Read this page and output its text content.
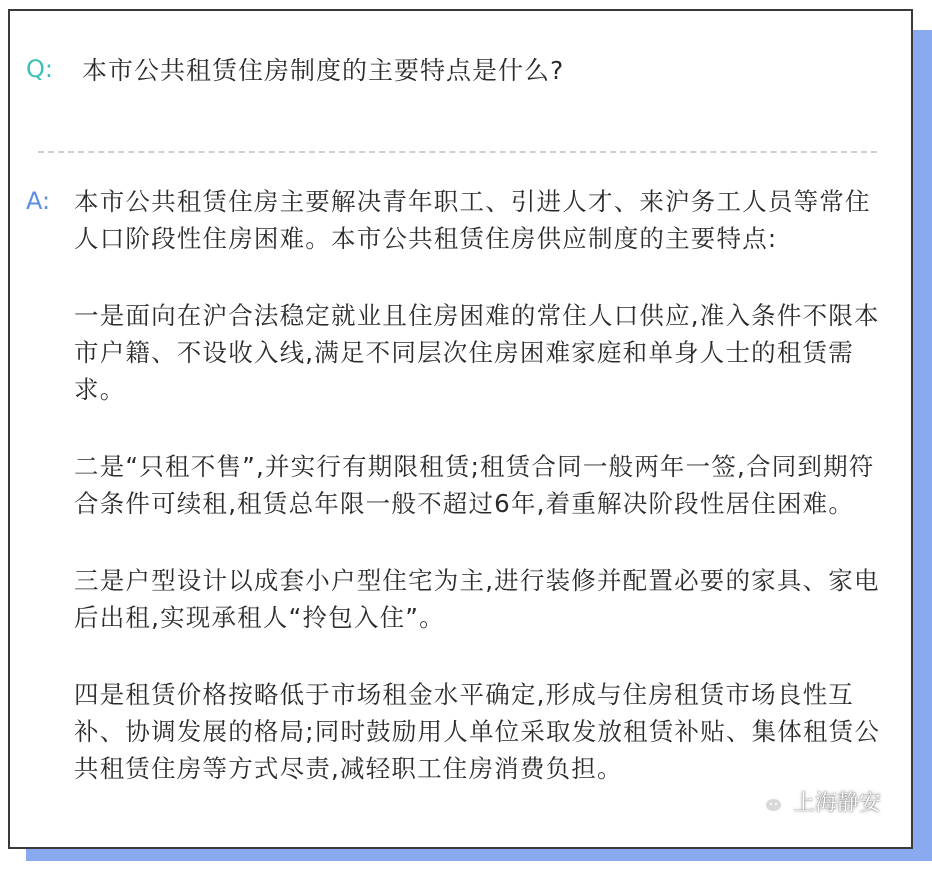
Q:	本市公共租赁住房制度的主要特点是什么?
A: 本市公共租赁住房主要解决青年职工、引进人才、来沪务工人员等常住人口阶段性住房困难。本市公共租赁住房供应制度的主要特点:

一是面向在沪合法稳定就业且住房困难的常住人口供应,准入条件不限本市户籍、不设收入线,满足不同层次住房困难家庭和单身人士的租赁需求。

二是“只租不售”,并实行有期限租赁;租赁合同一般两年一签,合同到期符合条件可续租,租赁总年限一般不超过6年,着重解决阶段性居住困难。

三是户型设计以成套小户型住宅为主,进行装修并配置必要的家具、家电后出租,实现承租人“拎包入住”。

四是租赁价格按略低于市场租金水平确定,形成与住房租赁市场良性互补、协调发展的格局;同时鼓励用人单位采取发放租赁补贴、集体租赁公共租赁住房等方式尽责,减轻职工住房消费负担。

上海静安
